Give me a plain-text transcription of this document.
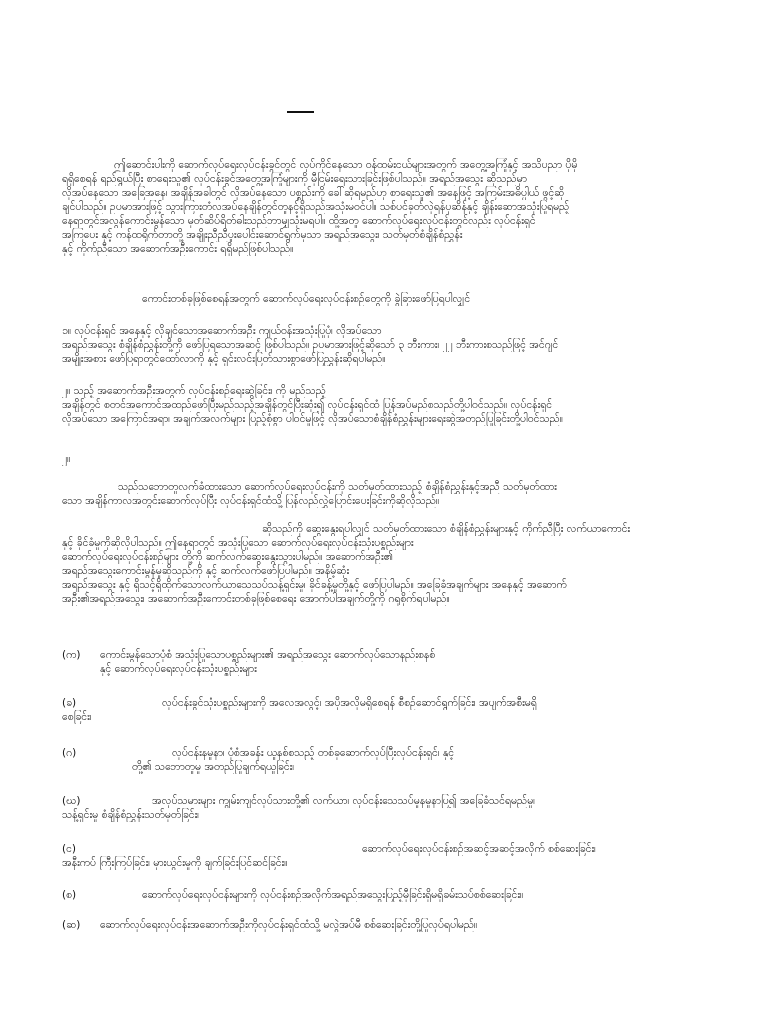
ဤဆောင်းပါးကို ဆောက်လုပ်ရေးလုပ်ငန်းခွင်တွင် လုပ်ကိုင်နေသော ဝန်ထမ်းငယ်များအတွက် အတွေ့အကြုံနှင့် အသိပညာ ပိုမို
ရရှိစေရန် ရည်ရွယ်ပြီး စာရေးသူ၏ လုပ်ငန်းခွင်အတွေ့အကြုံများကို မှီငြမ်းရေးသားခြင်းဖြစ်ပါသည်။ အရည်အသွေး ဆိုသည်မှာ
လိုအပ်နေသော အခြေအနေ၊ အချိန်အခါတွင် လိုအပ်နေသော ပစ္စည်းကို ခေါ်ဆိုရမည်ဟု စာရေးသူ၏ အနေဖြင့် အကြမ်းအဓိပ္ပါယ် ဖွင့်ဆို
ချင်ပါသည်။ ဥပမာအားဖြင့် သွားကြားတံလအပ်နေချိန်တွင်တူနင့်ရှိသည်အသုံးမဝင်ပါ။ သစ်ပင်ခုတ်လှဲရန်ပုဆိန်နှင့် ချိန်းဆောအသုံးပြုရမည့်
နေရာတွင်အလွန်ကောင်းမွန်သော မုတ်ဆိပ်ရိတ်ဓါးသည်ဘာမျှသုံးမရပါ။ ထို့အတူ ဆောက်လုပ်ရေးလုပ်ငန်းတွင်လည်း လုပ်ငန်းရှင်
အကြပေး နှင့် ကန်ထရိုက်တာတို့ အချိုးညီညီပူးပေါင်းဆောင်ရွက်မှသာ အရည်အသွေး၊ သတ်မှတ်စံချိန်စံညွှန်း
နှင့် ကိုက်ညီသော အဆောက်အဦးကောင်း ရရှိမည်ဖြစ်ပါသည်။
ကောင်းတစ်ခုဖြစ်စေရန်အတွက် ဆောက်လုပ်ရေးလုပ်ငန်းစဉ်တွေကို ခွဲခြားဖော်ပြရပါလျှင်
၁။ လုပ်ငန်းရှင် အနေနှင့် လိုချင်သောအဆောက်အဦး ကျယ်ဝန်းအသုံးပြုပုံ၊ လိုအပ်သော
အရည်အသွေး စံချိန်စံညွှန်းတို့ကို ဖော်ပြရသောအဆင့် ဖြစ်ပါသည်။ ဥပမာအားဖြင့်ဆိုသော် ၃ ဘီးကား၊ ၂၂ ဘီးကားစသည်ဖြင့် အင်ဂျင်
အမျိုးအစား ဖော်ပြရာတွင်ထော်လာကို နှင့် ရှင်းလင်းပြတ်သားစွာဖော်ပြညွှန်းဆိုရပါမည်။
၂။ သည့် အဆောက်အဦးအတွက် လုပ်ငန်းစဉ်ရေးဆွဲခြင်း၊ ကို မည်သည့်
အချိန်တွင် စတင်အကောင်အထည်ဖော်ပြီးမည်သည့်အချိန်တွင်ပြီးဆုံး၍ လုပ်ငန်းရှင်ထံ ပြန်အပ်မည်စသည်တို့ပါဝင်သည်။ လုပ်ငန်းရှင်
လိုအပ်သော အကြောင်အရာ၊ အချက်အလက်များ ပြည့်စုံစွာ ပါဝင်မှုဖြင့် လိုအပ်သောစံချိန်စံညွှန်းများရေးဆွဲအတည်ပြုခြင်းတို့ပါဝင်သည်။
၂။
သည်သဘောတူလက်ခံထားသော ဆောက်လုပ်ရေးလုပ်ငန်းကို သတ်မှတ်ထားသည့် စံချိန်စံညွှန်းနှင့်အညီ သတ်မှတ်ထား
သော အချိန်ကာလအတွင်းဆောက်လုပ်ပြီး လုပ်ငန်းရှင်ထံသို့ ပြန်လည်လွှဲပြောင်းပေးခြင်းကိုဆိုလိုသည်။
ဆိုသည်ကို ဆွေးနွေးရပါလျှင် သတ်မှတ်ထားသော စံချိန်စံညွှန်းများနှင့် ကိုက်ညီပြီး လက်ယာကောင်း
နှင့် ခိုင်ခံမှုကိုဆိုလိုပါသည်။ ဤနေရာတွင် အသုံးပြုသော ဆောက်လုပ်ရေးလုပ်ငန်းသုံးပစ္စည်းများ
ဆောက်လုပ်ရေးလုပ်ငန်းစဉ်များ တို့ကို ဆက်လက်ဆွေးနွေးသွားပါမည်။ အဆောက်အဦး၏
အရည်အသွေးကောင်းမွန်မှုဆိုသည်ကို နှင့် ဆက်လက်ဖော်ပြပါမည်။ အနိမ့်ဆုံး
အရည်အသွေး နှင့် ရှိသင့်ရှိထိုက်သောလက်ယာသေသပ်သန့်ရှင်းမှု၊ ခိုင်ခန့်မှုတို့နှင့် ဖော်ပြပါမည်။ အခြေခံအချက်များ အနေနှင့် အဆောက်
အဦး၏အရည်အသွေး၊ အဆောက်အဦးကောင်းတစ်ခုဖြစ်စေရေး အောက်ပါအချက်တို့ကို ဂရုစိုက်ရပါမည်။
(က)	ကောင်းမွန်သောပုံစံ အသုံးပြုသောပစ္စည်းများ၏ အရည်အသွေး ဆောက်လုပ်သောနည်းစနစ်
နှင့် ဆောက်လုပ်ရေးလုပ်ငန်းသုံးပစ္စည်းများ
(ခ)	လုပ်ငန်းခွင်သုံးပစ္စည်းများကို အလေအလွင့်၊ အပိုအလိုမရှိစေရန် စီစဉ်ဆောင်ရွက်ခြင်း၊ အပျက်အစီးမရှိ
စေခြင်း၊
(ဂ)	လုပ်ငန်းနမူနာ၊ ပုံစံအခန်း ယူနစ်စသည့် တစ်ခုဆောက်လုပ်ပြီးလုပ်ငန်းရှင်၊ နှင့်
တို့၏ သဘောတူမှု အတည်ပြုချက်ရယူခြင်း၊
(ဃ)	အလုပ်သမားများ ကျွမ်းကျင်လုပ်သားတို့၏ လက်ယာ၊ လုပ်ငန်းသေသပ်မှုနမူနာပြ၍ အခြေခံသင်ရမည်မှု၊
သန့်ရှင်းမှု စံချိန်စံညွှန်းသတ်မှတ်ခြင်း၊
(င)	ဆောက်လုပ်ရေးလုပ်ငန်းစဉ်အဆင့်အဆင့်အလိုက် စစ်ဆေးခြင်း၊
အနီးကပ် ကြီးကြပ်ခြင်း၊ မှားယွင်းမှုကို ချက်ခြင်းပြင်ဆင်ခြင်း။
(စ)	ဆောက်လုပ်ရေးလုပ်ငန်းများကို လုပ်ငန်းစဉ်အလိုက်အရည်အသွေးပြည့်မှီခြင်းရှိမရှိခမ်းသပ်စစ်ဆေးခြင်း။
(ဆ)	ဆောက်လုပ်ရေးလုပ်ငန်းအဆောက်အဦးကိုလုပ်ငန်းရှင်ထံသို့ မလွဲအပ်မီ စစ်ဆေးခြင်းတို့ပြုလုပ်ရပါမည်။
